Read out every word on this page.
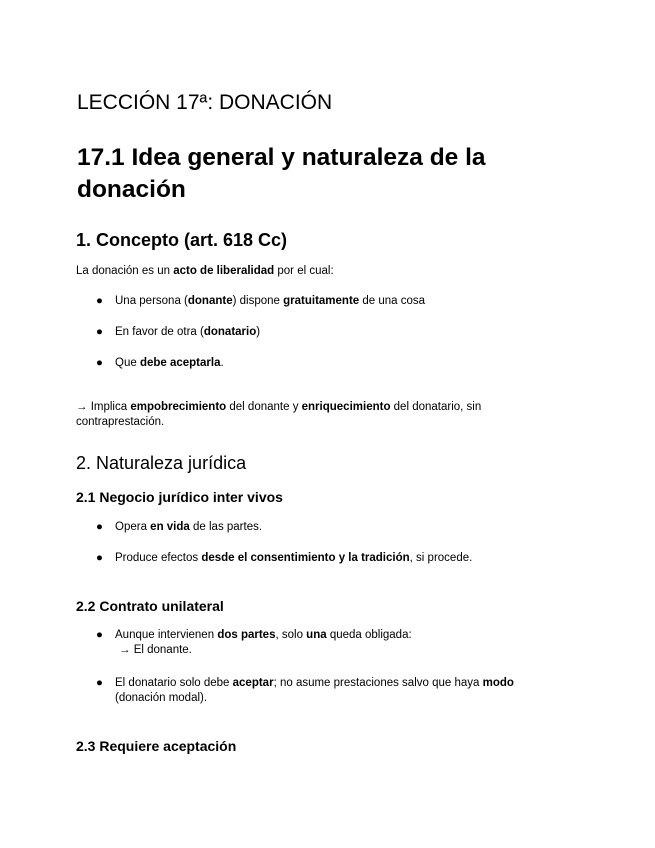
LECCIÓN 17ª: DONACIÓN
17.1 Idea general y naturaleza de la donación
1. Concepto (art. 618 Cc)

La donación es un acto de liberalidad por el cual:

●	Una persona (donante) dispone gratuitamente de una cosa
●	En favor de otra (donatario)
●	Que debe aceptarla.

→ Implica empobrecimiento del donante y enriquecimiento del donatario, sin contraprestación.

2. Naturaleza jurídica
2.1 Negocio jurídico inter vivos
●	Opera en vida de las partes.
●	Produce efectos desde el consentimiento y la tradición, si procede.
2.2 Contrato unilateral
●	Aunque intervienen dos partes, solo una queda obligada:
→ El donante.
●	El donatario solo debe aceptar; no asume prestaciones salvo que haya modo (donación modal).
2.3 Requiere aceptación
